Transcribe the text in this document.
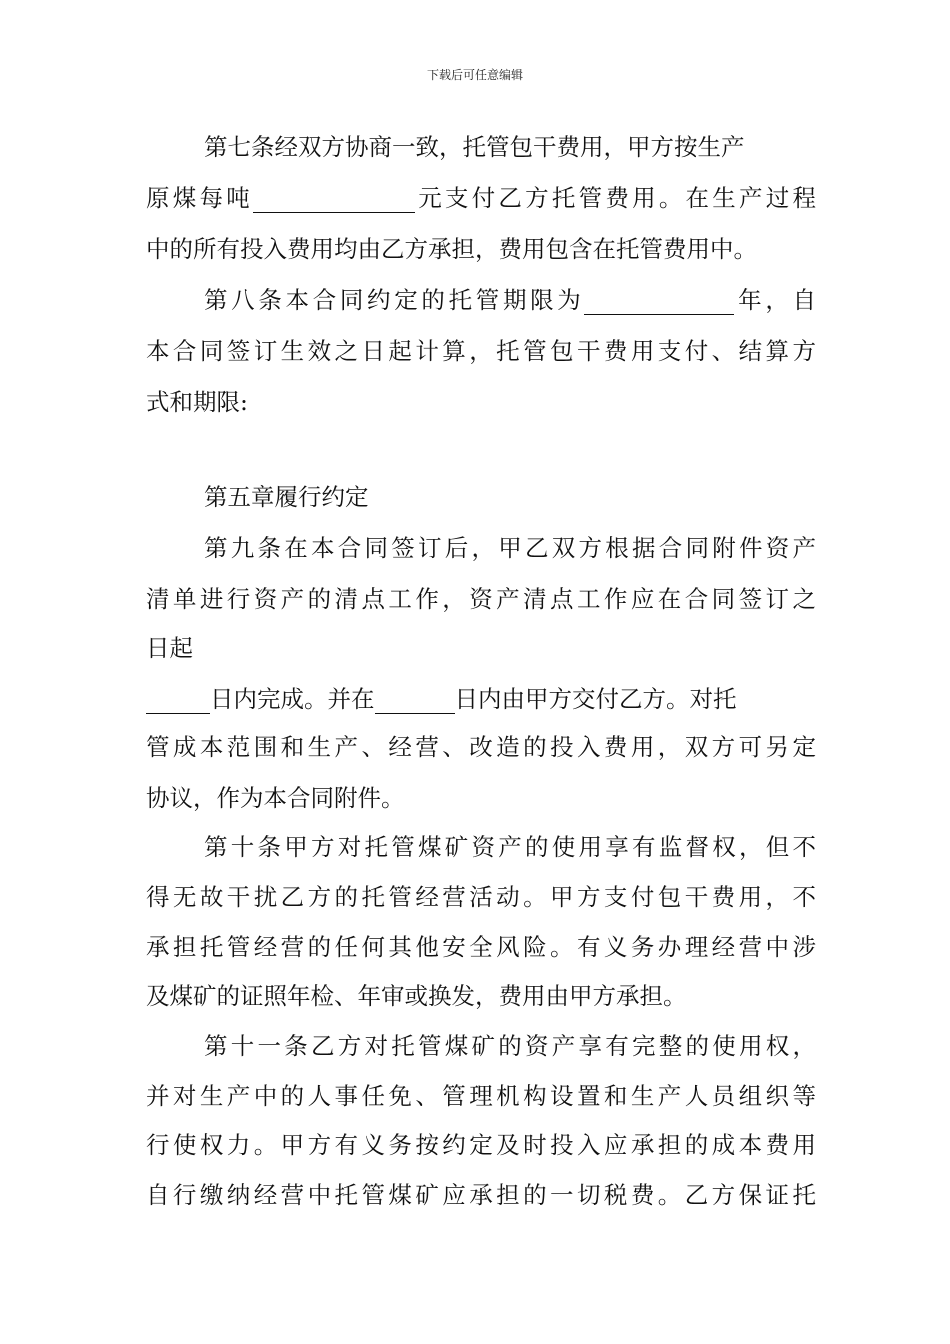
下载后可任意编辑
第七条经双方协商一致，托管包干费用，甲方按生产
原煤每吨	元支付乙方托管费用。在生产过程
中的所有投入费用均由乙方承担，费用包含在托管费用中。
第八条本合同约定的托管期限为	年，自
本合同签订生效之日起计算，托管包干费用支付、结算方
式和期限:
第五章履行约定
第九条在本合同签订后，甲乙双方根据合同附件资产
清单进行资产的清点工作，资产清点工作应在合同签订之
日起
日内完成。并在	日内由甲方交付乙方。对托
管成本范围和生产、经营、改造的投入费用，双方可另定
协议，作为本合同附件。
第十条甲方对托管煤矿资产的使用享有监督权，但不
得无故干扰乙方的托管经营活动。甲方支付包干费用，不
承担托管经营的任何其他安全风险。有义务办理经营中涉
及煤矿的证照年检、年审或换发，费用由甲方承担。
第十一条乙方对托管煤矿的资产享有完整的使用权，
并对生产中的人事任免、管理机构设置和生产人员组织等
行使权力。甲方有义务按约定及时投入应承担的成本费用
自行缴纳经营中托管煤矿应承担的一切税费。乙方保证托
